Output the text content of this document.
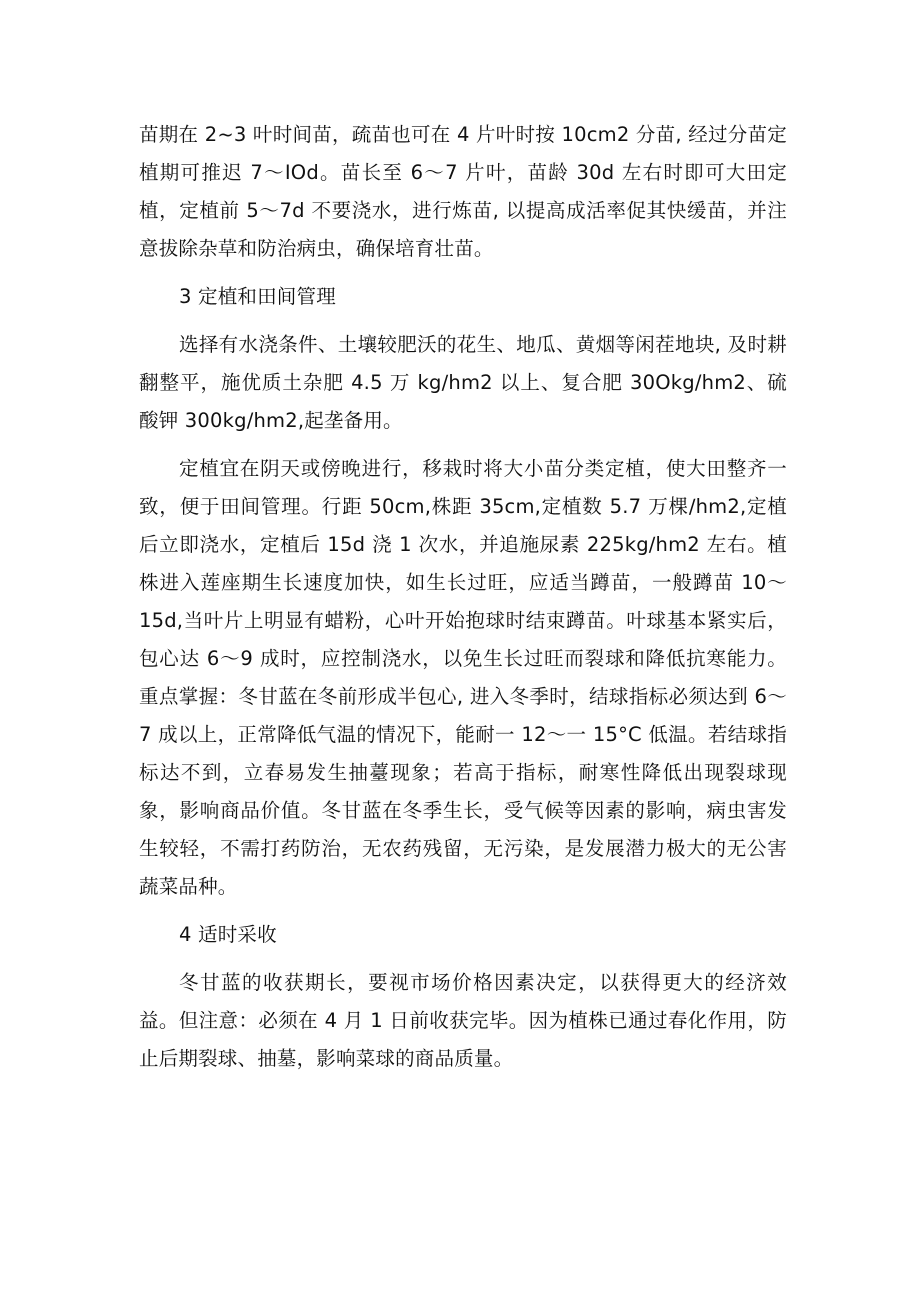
苗期在 2~3 叶时间苗，疏苗也可在 4 片叶时按 10cm2 分苗, 经过分苗定植期可推迟 7～IOd。苗长至 6～7 片叶，苗龄 30d 左右时即可大田定植，定植前 5～7d 不要浇水，进行炼苗, 以提高成活率促其快缓苗，并注意拔除杂草和防治病虫，确保培育壮苗。

3 定植和田间管理

选择有水浇条件、土壤较肥沃的花生、地瓜、黄烟等闲茬地块, 及时耕翻整平，施优质土杂肥 4.5 万 kg∕hm2 以上、复合肥 30Okg/hm2、硫酸钾 300kg/hm2,起垄备用。

定植宜在阴天或傍晚进行，移栽时将大小苗分类定植，使大田整齐一致，便于田间管理。行距 50cm,株距 35cm,定植数 5.7 万棵∕hm2,定植后立即浇水，定植后 15d 浇 1 次水，并追施尿素 225kg∕hm2 左右。植株进入莲座期生长速度加快，如生长过旺，应适当蹲苗，一般蹲苗 10～15d,当叶片上明显有蜡粉，心叶开始抱球时结束蹲苗。叶球基本紧实后，包心达 6～9 成时，应控制浇水，以免生长过旺而裂球和降低抗寒能力。重点掌握：冬甘蓝在冬前形成半包心, 进入冬季时，结球指标必须达到 6～7 成以上，正常降低气温的情况下，能耐一 12～一 15°C 低温。若结球指标达不到，立春易发生抽薹现象；若高于指标，耐寒性降低出现裂球现象，影响商品价值。冬甘蓝在冬季生长，受气候等因素的影响，病虫害发生较轻，不需打药防治，无农药残留，无污染，是发展潜力极大的无公害蔬菜品种。

4 适时采收

冬甘蓝的收获期长，要视市场价格因素决定，以获得更大的经济效益。但注意：必须在 4 月 1 日前收获完毕。因为植株已通过春化作用，防止后期裂球、抽墓，影响菜球的商品质量。
